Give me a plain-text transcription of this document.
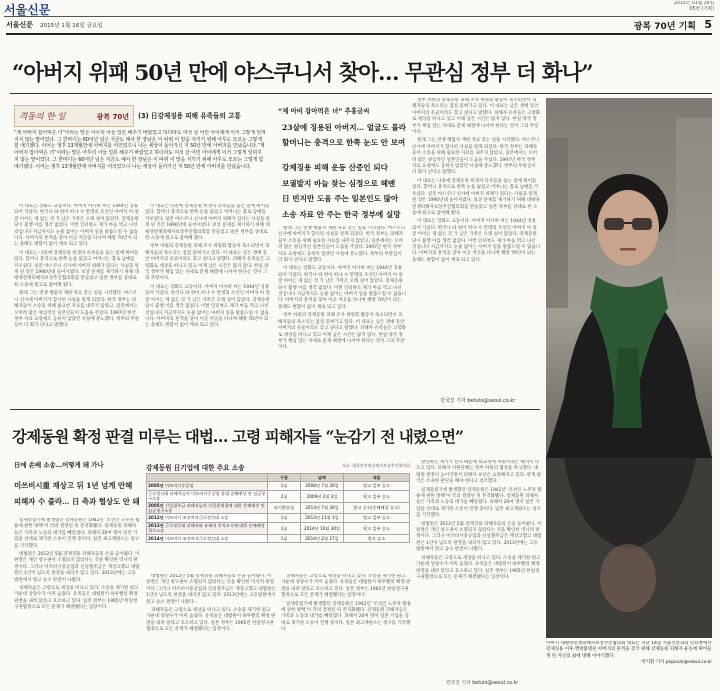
서울신문	2015년 01월 16일
05면 (기획)
서울신문 2015년 1월 16일 금요일	광복 70년 기획 5
“아버지 위패 50년 만에 야스쿠니서 찾아… 무관심 정부 더 화나”
격동의 한·일	광복 70년 (3) 日강제징용 피해 유족들의 고통
“제 아버지 잡아먹은 녀”이라는 말은 아무리 아들 얼른 해주기 바랐었고 하더라도 여섯 살 어린 아이에게 이거 그렇게 잊혀지지 않는 말이었다. 그 한마디는 60여년 넘은 지금도 예사 한 장남은 이 따위 이 말을 지키기 위해 아무도 모르는 그렇게 힘 얘기했다. 이어는 생후 13개월만에 아버지를 여의었으니 나는 세상이 돌아가신 지 50년 만에 아버지를 만났습니다.“제 아버지 잡아먹은 녀”이라는 말은 아무리 아들 얼른 해주기 바랐었고 하더라도 여섯 살 어린 아이에게 이거 그렇게 잊혀지지 않는 말이었다. 그 한마디는 60여년 넘은 지금도 예사 한 장남은 이 따위 이 말을 지키기 위해 아무도 모르는 그렇게 힘 얘기했다. 이어는 생후 13개월만에 아버지를 여의었으니 나는 세상이 돌아가신 지 50년 만에 아버지를 만났습니다.
“제 아비 잡아먹은 녀” 추홍금씨
23살에 징용된 아버지… 얼굴도 몰라
할머니는 충격으로 한쪽 눈도 안 보여
강제징용 피해 운동 산증인 되다
보궐발지 바늘 찾는 심정으로 헤맨
日 빈지만 도움 주는 일본인도 많아
소송 자료 안 주는 한국 정부에 실망

이 대표는 강화도 교동이다. 아버지 아사바 씨는 1944년 징용되어 가셨다. 한국나 따 한이 떠나 수 만명의 조선인 아버지 아 얼굴 아이는 제 없는 것 가 남은 가족은 오래 실어 않았다. 강제동원 당시 불행 이를 생각 없었다. 이번 인터뷰도 제가 마음 먹고 나선 것입니다 지금까지도 눈물 없이는 아버지 일을 말씀드릴 수 없습니다. 아버지의 흔적을 찾아 이곳 저곳을 다니며 해방 70년이 되는 올해도 변함이 없이 계속 되고 있다.

이 대표는 나중에 강제동원 희생자 유족들을 돕는 일에 뛰어들었다. 할머니 충격으로 한쪽 눈을 잃었고 어머니는 홀로 남매를 키우셨다. 일본 야스쿠니 신사에 아버지 위패가 있다는 사실을 알게 된 것은 1990년대 들어서였다. 보상 문제를 제기하기 위해 대평양전쟁피해자보상추진협의회를 만들었고 일본 정부를 상대로 한 소송에 원고로 참여해 왔다.

원래 그는 전쟁 행불자 재판 자료 찾는 일을 시작했다. 야스쿠니 신사에 아버지가 합사된 사실을 알게 되었다. 한국 정부는 피해자들이 소송을 위해 필요한 자료를 내주지 않았고, 일본에서는 오히려 많은 양심적인 일본인들이 도움을 주었다. 1997년 한국 정부 자료 요청에도 응하지 않았던 사실에 분노했다. 정부의 무관심이 더 화가 난다고 말했다.

이 대표는 나중에 강제동원 희생자 유족들을 돕는 일에 뛰어들었다. 할머니 충격으로 한쪽 눈을 잃었고 어머니는 홀로 남매를 키우셨다. 일본 야스쿠니 신사에 아버지 위패가 있다는 사실을 알게 된 것은 1990년대 들어서였다. 보상 문제를 제기하기 위해 대평양전쟁피해자보상추진협의회를 만들었고 일본 정부를 상대로 한 소송에 원고로 참여해 왔다.

정부 차원의 강제동원 피해 조사 위원회 활동이 축소되면서 피해자들의 목소리는 점점 묻혀가고 있다. 이 대표는 남은 생애 동안 아버지의 유골이라도 찾고 싶다고 말했다. 피해자 유족들은 고령화로 세상을 떠나고 있고 이제 남은 시간은 많지 않다. 한일 양국 정부가 책임 있는 자세로 문제 해결에 나서야 한다는 것이 그의 주장이다.

이 대표는 강화도 교동이다. 아버지 아사바 씨는 1944년 징용되어 가셨다. 한국나 따 한이 떠나 수 만명의 조선인 아버지 아 얼굴 아이는 제 없는 것 가 남은 가족은 오래 실어 않았다. 강제동원 당시 불행 이를 생각 없었다. 이번 인터뷰도 제가 마음 먹고 나선 것입니다 지금까지도 눈물 없이는 아버지 일을 말씀드릴 수 없습니다. 아버지의 흔적을 찾아 이곳 저곳을 다니며 해방 70년이 되는 올해도 변함이 없이 계속 되고 있다.

원래 그는 전쟁 행불자 재판 자료 찾는 일을 시작했다. 야스쿠니 신사에 아버지가 합사된 사실을 알게 되었다. 한국 정부는 피해자들이 소송을 위해 필요한 자료를 내주지 않았고, 일본에서는 오히려 많은 양심적인 일본인들이 도움을 주었다. 1997년 한국 정부 자료 요청에도 응하지 않았던 사실에 분노했다. 정부의 무관심이 더 화가 난다고 말했다.

이 대표는 강화도 교동이다. 아버지 아사바 씨는 1944년 징용되어 가셨다. 한국나 따 한이 떠나 수 만명의 조선인 아버지 아 얼굴 아이는 제 없는 것 가 남은 가족은 오래 실어 않았다. 강제동원 당시 불행 이를 생각 없었다. 이번 인터뷰도 제가 마음 먹고 나선 것입니다 지금까지도 눈물 없이는 아버지 일을 말씀드릴 수 없습니다. 아버지의 흔적을 찾아 이곳 저곳을 다니며 해방 70년이 되는 올해도 변함이 없이 계속 되고 있다.

정부 차원의 강제동원 피해 조사 위원회 활동이 축소되면서 피해자들의 목소리는 점점 묻혀가고 있다. 이 대표는 남은 생애 동안 아버지의 유골이라도 찾고 싶다고 말했다. 피해자 유족들은 고령화로 세상을 떠나고 있고 이제 남은 시간은 많지 않다. 한일 양국 정부가 책임 있는 자세로 문제 해결에 나서야 한다는 것이 그의 주장이다.

정부 차원의 강제동원 피해 조사 위원회 활동이 축소되면서 피해자들의 목소리는 점점 묻혀가고 있다. 이 대표는 남은 생애 동안 아버지의 유골이라도 찾고 싶다고 말했다. 피해자 유족들은 고령화로 세상을 떠나고 있고 이제 남은 시간은 많지 않다. 한일 양국 정부가 책임 있는 자세로 문제 해결에 나서야 한다는 것이 그의 주장이다.

원래 그는 전쟁 행불자 재판 자료 찾는 일을 시작했다. 야스쿠니 신사에 아버지가 합사된 사실을 알게 되었다. 한국 정부는 피해자들이 소송을 위해 필요한 자료를 내주지 않았고, 일본에서는 오히려 많은 양심적인 일본인들이 도움을 주었다. 1997년 한국 정부 자료 요청에도 응하지 않았던 사실에 분노했다. 정부의 무관심이 더 화가 난다고 말했다.

이 대표는 나중에 강제동원 희생자 유족들을 돕는 일에 뛰어들었다. 할머니 충격으로 한쪽 눈을 잃었고 어머니는 홀로 남매를 키우셨다. 일본 야스쿠니 신사에 아버지 위패가 있다는 사실을 알게 된 것은 1990년대 들어서였다. 보상 문제를 제기하기 위해 대평양전쟁피해자보상추진협의회를 만들었고 일본 정부를 상대로 한 소송에 원고로 참여해 왔다.

이 대표는 강화도 교동이다. 아버지 아사바 씨는 1944년 징용되어 가셨다. 한국나 따 한이 떠나 수 만명의 조선인 아버지 아 얼굴 아이는 제 없는 것 가 남은 가족은 오래 실어 않았다. 강제동원 당시 불행 이를 생각 없었다. 이번 인터뷰도 제가 마음 먹고 나선 것입니다 지금까지도 눈물 없이는 아버지 일을 말씀드릴 수 없습니다. 아버지의 흔적을 찾아 이곳 저곳을 다니며 해방 70년이 되는 올해도 변함이 없이 계속 되고 있다.

강국진 기자 betulo@seoul.co.kr
아버지 대평양전쟁피해자보상추진협의회 대표는 지난 14일 서울신문과의 인터뷰에서 강제징용 이후 행방불명된 아버지의 흔적을 찾기 위해 강제동원 피해자 운동에 뛰어들게 된 자신의 삶에 대해 이야기했다.
박지환 기자 popocar@seoul.co.kr
강제동원 확정 판결 미루는 대법… 고령 피해자들 “눈감기 전 내렸으면”
日에 손배 소송…어떻게 돼 가나
미쓰비시重 재상고 뒤 1년 넘게 안해
피해자 수 줄라… 日 측과 협상도 안 돼

일제강점기에 발생했던 강제동원은 1942년 ‘조선인 노무자 활용에 관한 방책’이 각의 결정된 뒤 본격화됐다. 강제동원 피해자들은 가족과 노동의 대가를 빼앗겼다. 피해자 20여 명이 일본 기업을 상대로 제기한 소송이 진행 중이다. 일본 최고재판소는 청구를 기각했다.

대법원은 2012년 5월 강제징용 피해자들의 손을 들어줬다. 이 판결은 개인 청구권이 소멸되지 않았다는 것을 확인한 역사적 판결이다. 그러나 미쓰비시중공업과 신일철주금은 재상고했고 대법원은 1년이 넘도록 판결을 내리지 않고 있다. 2013년에는 고등법원에서 원고 승소 판결이 나왔다.

피해자들은 고령으로 세상을 떠나고 있다. 소송을 제기한 원고 가운데 상당수가 이미 숨졌다. 유족들은 대법원이 하루빨리 확정 판결을 내려 달라고 호소하고 있다. 일본 정부는 1965년 한일청구권협정으로 모든 문제가 해결됐다는 입장이다.

강제동원 日기업에 대한 주요 소송	자료: 대평양전쟁피해자보상추진협의회
	구분	날짜	내용
2005년 미쓰비시중공업	1심	2008년 7월 30일	원고 일부 승소
근로정신대 피해자들의 미쓰비시중공업 상대 손해배상 및 임금청구소송	2심	2009년 2월 3일	원고 일부 승소
2005년 신일철주금 피해자들의 신일본제철에 대한 손해배상 및 임금청구소송	파기환송심	2013년 7월 30일	원고 승소(손해배상 승소)
2012년 미쓰비시 조선여자근로정신대 소송	1심	2013년 11월 1일	원고 일부 승소
2013년 근로정신대 피해자와 유족의 후지코시에 대한 손해배상 청구소송	1심	2014년 10월 30일	원고 일부 승소
2014년 미쓰비시 조선여자근로정신대 소송	1심	2014년 2월 27일	원고 승소

대법원은 2012년 5월 강제징용 피해자들의 손을 들어줬다. 이 판결은 개인 청구권이 소멸되지 않았다는 것을 확인한 역사적 판결이다. 그러나 미쓰비시중공업과 신일철주금은 재상고했고 대법원은 1년이 넘도록 판결을 내리지 않고 있다. 2013년에는 고등법원에서 원고 승소 판결이 나왔다.

피해자들은 고령으로 세상을 떠나고 있다. 소송을 제기한 원고 가운데 상당수가 이미 숨졌다. 유족들은 대법원이 하루빨리 확정 판결을 내려 달라고 호소하고 있다. 일본 정부는 1965년 한일청구권협정으로 모든 문제가 해결됐다는 입장이다.

피해자들은 고령으로 세상을 떠나고 있다. 소송을 제기한 원고 가운데 상당수가 이미 숨졌다. 유족들은 대법원이 하루빨리 확정 판결을 내려 달라고 호소하고 있다. 일본 정부는 1965년 한일청구권협정으로 모든 문제가 해결됐다는 입장이다.

일제강점기에 발생했던 강제동원은 1942년 ‘조선인 노무자 활용에 관한 방책’이 각의 결정된 뒤 본격화됐다. 강제동원 피해자들은 가족과 노동의 대가를 빼앗겼다. 피해자 20여 명이 일본 기업을 상대로 제기한 소송이 진행 중이다. 일본 최고재판소는 청구를 기각했다.

판단하는 계기가 된다 때문에 외교정책 차원이라는 해석이 나오고 있다. 피해자 지원단체는 정부 차원의 협상을 촉구했다. 대법원 결정이 늦어지면서 피해자 보상은 요원해지고 있다. 관계 당국은 조속한 판단을 해야 한다고 강조했다.

일제강점기에 발생했던 강제동원은 1942년 ‘조선인 노무자 활용에 관한 방책’이 각의 결정된 뒤 본격화됐다. 강제동원 피해자들은 가족과 노동의 대가를 빼앗겼다. 피해자 20여 명이 일본 기업을 상대로 제기한 소송이 진행 중이다. 일본 최고재판소는 청구를 기각했다.

대법원은 2012년 5월 강제징용 피해자들의 손을 들어줬다. 이 판결은 개인 청구권이 소멸되지 않았다는 것을 확인한 역사적 판결이다. 그러나 미쓰비시중공업과 신일철주금은 재상고했고 대법원은 1년이 넘도록 판결을 내리지 않고 있다. 2013년에는 고등법원에서 원고 승소 판결이 나왔다.

피해자들은 고령으로 세상을 떠나고 있다. 소송을 제기한 원고 가운데 상당수가 이미 숨졌다. 유족들은 대법원이 하루빨리 확정 판결을 내려 달라고 호소하고 있다. 일본 정부는 1965년 한일청구권협정으로 모든 문제가 해결됐다는 입장이다.

강국진 기자 betulo@seoul.co.kr
